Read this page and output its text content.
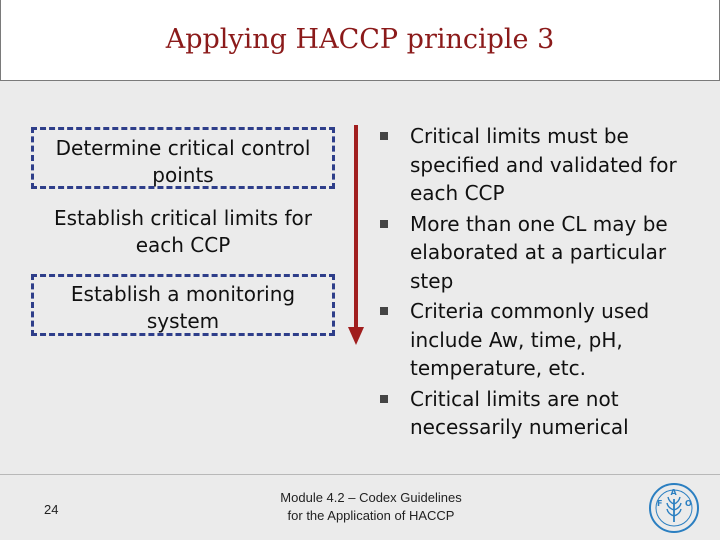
Applying HACCP principle 3
Determine critical control points
Establish critical limits for each CCP
Establish a monitoring system
Critical limits must be specified and validated for each CCP
More than one CL may be elaborated at a particular step
Criteria commonly used include Aw, time, pH, temperature, etc.
Critical limits are not necessarily numerical
24
Module 4.2 – Codex Guidelines
for the Application of HACCP
F
A
O
